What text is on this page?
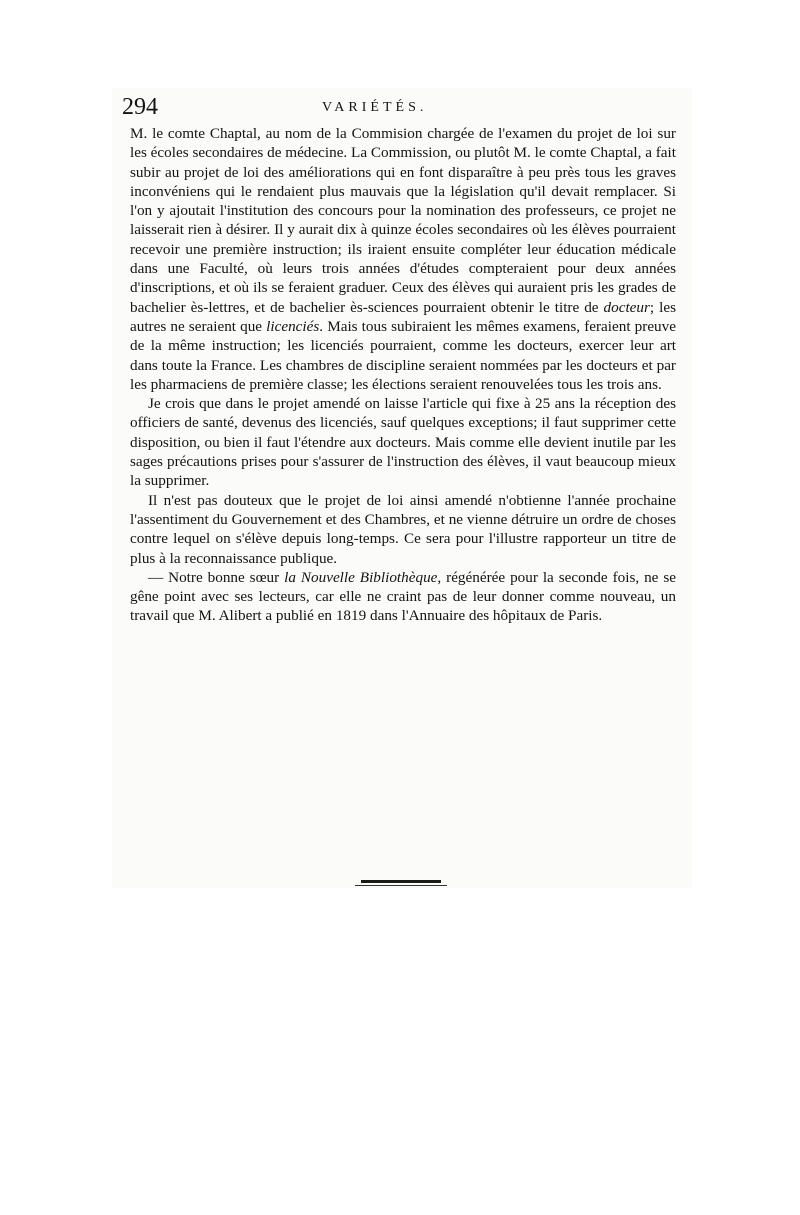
294	VARIÉTÉS.

M. le comte Chaptal, au nom de la Commision chargée de l'examen du projet de loi sur les écoles secondaires de médecine. La Commission, ou plutôt M. le comte Chaptal, a fait subir au projet de loi des améliorations qui en font disparaître à peu près tous les graves inconvéniens qui le rendaient plus mauvais que la législation qu'il devait remplacer. Si l'on y ajoutait l'institution des concours pour la nomination des professeurs, ce projet ne laisserait rien à désirer. Il y aurait dix à quinze écoles secondaires où les élèves pourraient recevoir une première instruction; ils iraient ensuite compléter leur éducation médicale dans une Faculté, où leurs trois années d'études compteraient pour deux années d'inscriptions, et où ils se feraient graduer. Ceux des élèves qui auraient pris les grades de bachelier ès-lettres, et de bachelier ès-sciences pourraient obtenir le titre de docteur; les autres ne seraient que licenciés. Mais tous subiraient les mêmes examens, feraient preuve de la même instruction; les licenciés pourraient, comme les docteurs, exercer leur art dans toute la France. Les chambres de discipline seraient nommées par les docteurs et par les pharmaciens de première classe; les élections seraient renouvelées tous les trois ans.

Je crois que dans le projet amendé on laisse l'article qui fixe à 25 ans la réception des officiers de santé, devenus des licenciés, sauf quelques exceptions; il faut supprimer cette disposition, ou bien il faut l'étendre aux docteurs. Mais comme elle devient inutile par les sages précautions prises pour s'assurer de l'instruction des élèves, il vaut beaucoup mieux la supprimer.

Il n'est pas douteux que le projet de loi ainsi amendé n'obtienne l'année prochaine l'assentiment du Gouvernement et des Chambres, et ne vienne détruire un ordre de choses contre lequel on s'élève depuis long-temps. Ce sera pour l'illustre rapporteur un titre de plus à la reconnaissance publique.

— Notre bonne sœur la Nouvelle Bibliothèque, régénérée pour la seconde fois, ne se gêne point avec ses lecteurs, car elle ne craint pas de leur donner comme nouveau, un travail que M. Alibert a publié en 1819 dans l'Annuaire des hôpitaux de Paris.
